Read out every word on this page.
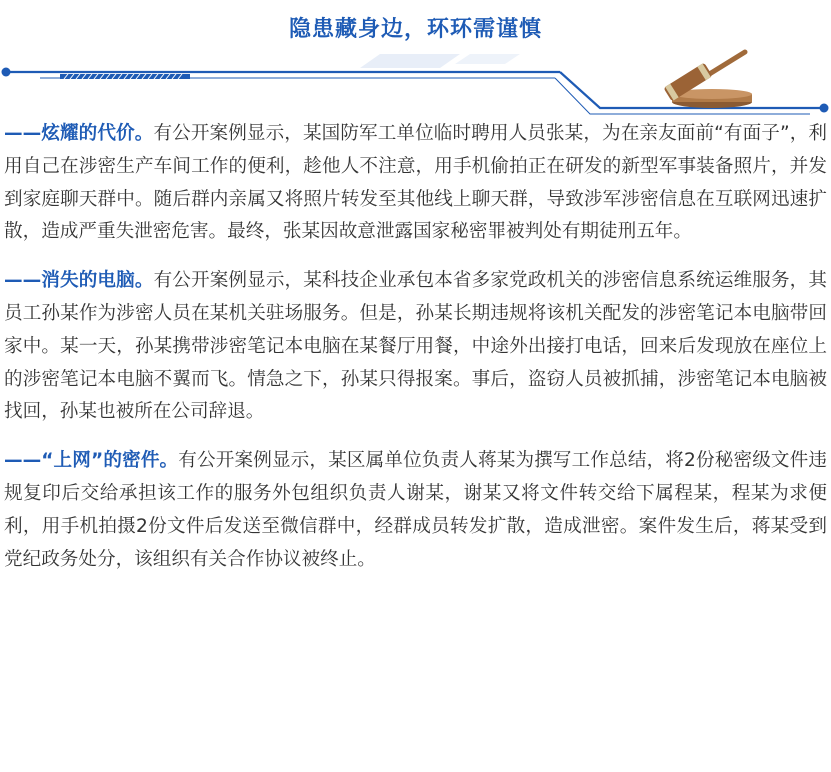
隐患藏身边，环环需谨慎

——炫耀的代价。有公开案例显示，某国防军工单位临时聘用人员张某，为在亲友面前“有面子”，利用自己在涉密生产车间工作的便利，趁他人不注意，用手机偷拍正在研发的新型军事装备照片，并发到家庭聊天群中。随后群内亲属又将照片转发至其他线上聊天群，导致涉军涉密信息在互联网迅速扩散，造成严重失泄密危害。最终，张某因故意泄露国家秘密罪被判处有期徒刑五年。

——消失的电脑。有公开案例显示，某科技企业承包本省多家党政机关的涉密信息系统运维服务，其员工孙某作为涉密人员在某机关驻场服务。但是，孙某长期违规将该机关配发的涉密笔记本电脑带回家中。某一天，孙某携带涉密笔记本电脑在某餐厅用餐，中途外出接打电话，回来后发现放在座位上的涉密笔记本电脑不翼而飞。情急之下，孙某只得报案。事后，盗窃人员被抓捕，涉密笔记本电脑被找回，孙某也被所在公司辞退。

——“上网”的密件。有公开案例显示，某区属单位负责人蒋某为撰写工作总结，将2份秘密级文件违规复印后交给承担该工作的服务外包组织负责人谢某，谢某又将文件转交给下属程某，程某为求便利，用手机拍摄2份文件后发送至微信群中，经群成员转发扩散，造成泄密。案件发生后，蒋某受到党纪政务处分，该组织有关合作协议被终止。
